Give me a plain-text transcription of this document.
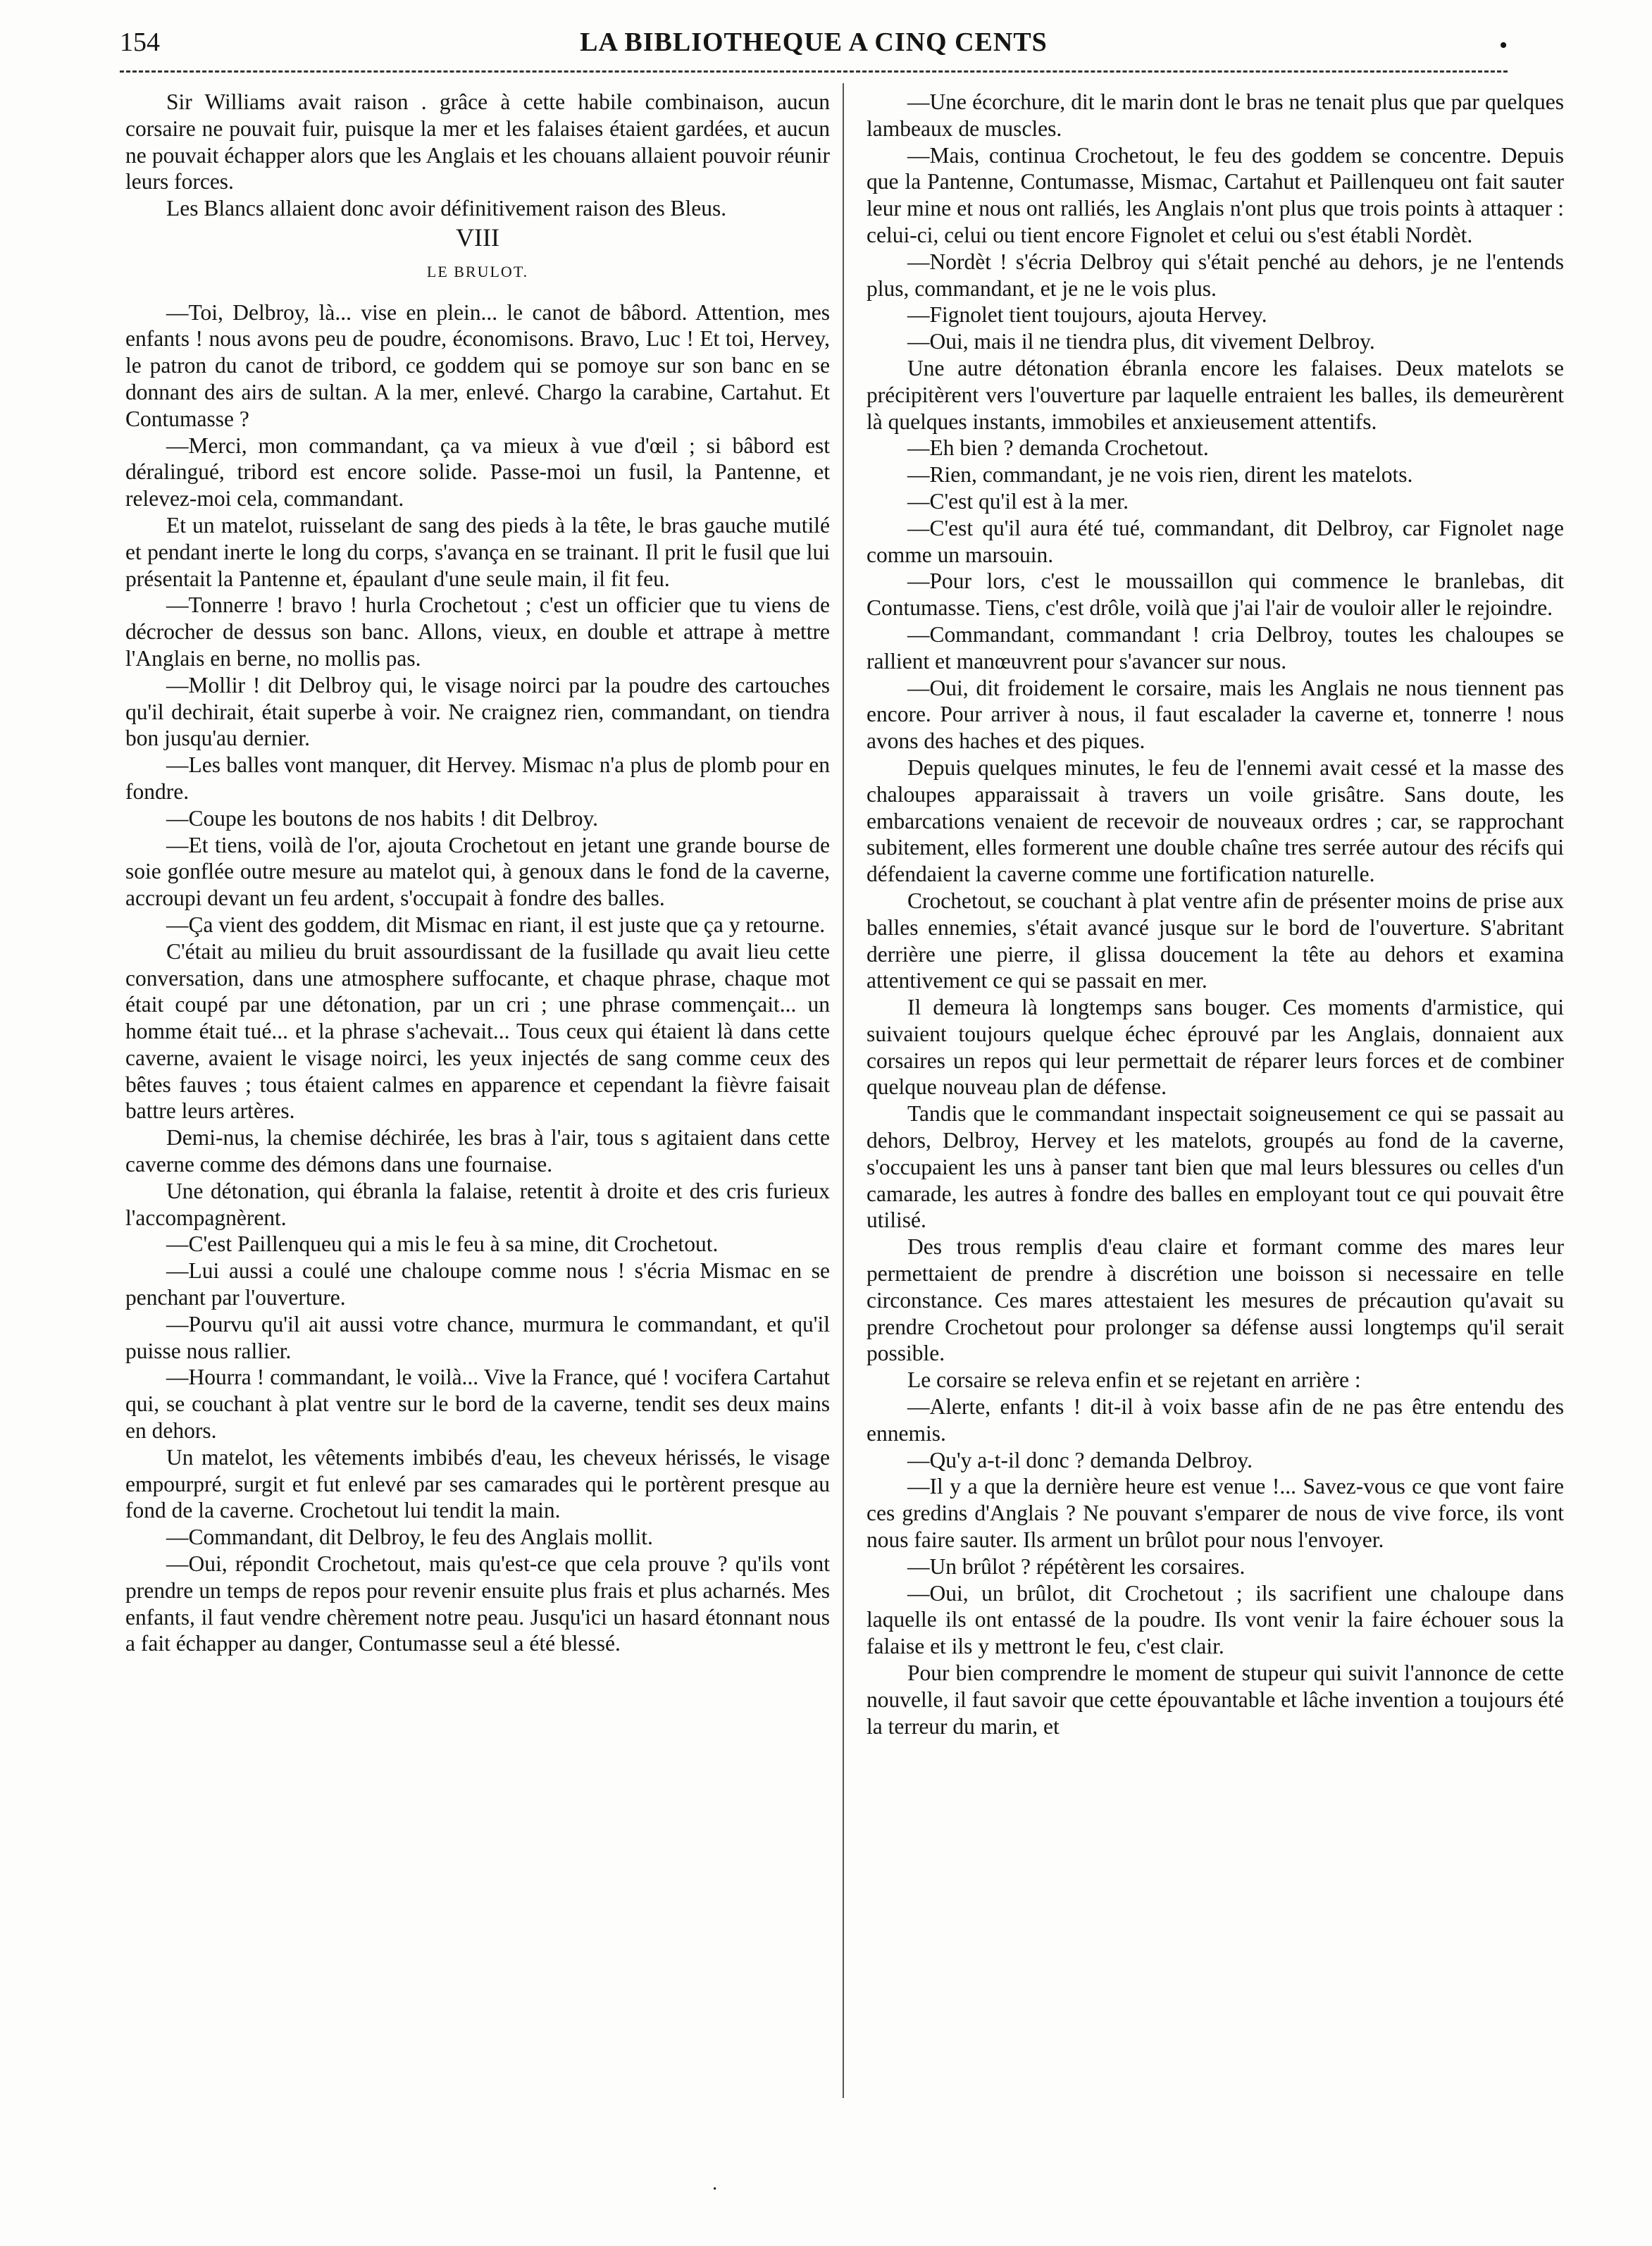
154	LA BIBLIOTHEQUE A CINQ CENTS	•

Sir Williams avait raison . grâce à cette habile combinaison, aucun corsaire ne pouvait fuir, puisque la mer et les falaises étaient gardées, et aucun ne pouvait échapper alors que les Anglais et les chouans allaient pouvoir réunir leurs forces.

Les Blancs allaient donc avoir définitivement raison des Bleus.

VIII

LE BRULOT.

—Toi, Delbroy, là... vise en plein... le canot de bâbord. Attention, mes enfants ! nous avons peu de poudre, économisons. Bravo, Luc ! Et toi, Hervey, le patron du canot de tribord, ce goddem qui se pomoye sur son banc en se donnant des airs de sultan. A la mer, enlevé. Chargo la carabine, Cartahut. Et Contumasse ?

—Merci, mon commandant, ça va mieux à vue d'œil ; si bâbord est déralingué, tribord est encore solide. Passe-moi un fusil, la Pantenne, et relevez-moi cela, commandant.

Et un matelot, ruisselant de sang des pieds à la tête, le bras gauche mutilé et pendant inerte le long du corps, s'avança en se trainant. Il prit le fusil que lui présentait la Pantenne et, épaulant d'une seule main, il fit feu.

—Tonnerre ! bravo ! hurla Crochetout ; c'est un officier que tu viens de décrocher de dessus son banc. Allons, vieux, en double et attrape à mettre l'Anglais en berne, no mollis pas.

—Mollir ! dit Delbroy qui, le visage noirci par la poudre des cartouches qu'il dechirait, était superbe à voir. Ne craignez rien, commandant, on tiendra bon jusqu'au dernier.

—Les balles vont manquer, dit Hervey. Mismac n'a plus de plomb pour en fondre.

—Coupe les boutons de nos habits ! dit Delbroy.

—Et tiens, voilà de l'or, ajouta Crochetout en jetant une grande bourse de soie gonflée outre mesure au matelot qui, à genoux dans le fond de la caverne, accroupi devant un feu ardent, s'occupait à fondre des balles.

—Ça vient des goddem, dit Mismac en riant, il est juste que ça y retourne.

C'était au milieu du bruit assourdissant de la fusillade qu avait lieu cette conversation, dans une atmosphere suffocante, et chaque phrase, chaque mot était coupé par une détonation, par un cri ; une phrase commençait... un homme était tué... et la phrase s'achevait... Tous ceux qui étaient là dans cette caverne, avaient le visage noirci, les yeux injectés de sang comme ceux des bêtes fauves ; tous étaient calmes en apparence et cependant la fièvre faisait battre leurs artères.

Demi-nus, la chemise déchirée, les bras à l'air, tous s agitaient dans cette caverne comme des démons dans une fournaise.

Une détonation, qui ébranla la falaise, retentit à droite et des cris furieux l'accompagnèrent.

—C'est Paillenqueu qui a mis le feu à sa mine, dit Crochetout.

—Lui aussi a coulé une chaloupe comme nous ! s'écria Mismac en se penchant par l'ouverture.

—Pourvu qu'il ait aussi votre chance, murmura le commandant, et qu'il puisse nous rallier.

—Hourra ! commandant, le voilà... Vive la France, qué ! vocifera Cartahut qui, se couchant à plat ventre sur le bord de la caverne, tendit ses deux mains en dehors.

Un matelot, les vêtements imbibés d'eau, les cheveux hérissés, le visage empourpré, surgit et fut enlevé par ses camarades qui le portèrent presque au fond de la caverne. Crochetout lui tendit la main.

—Commandant, dit Delbroy, le feu des Anglais mollit.

—Oui, répondit Crochetout, mais qu'est-ce que cela prouve ? qu'ils vont prendre un temps de repos pour revenir ensuite plus frais et plus acharnés. Mes enfants, il faut vendre chèrement notre peau. Jusqu'ici un hasard étonnant nous a fait échapper au danger, Contumasse seul a été blessé.

—Une écorchure, dit le marin dont le bras ne tenait plus que par quelques lambeaux de muscles.

—Mais, continua Crochetout, le feu des goddem se concentre. Depuis que la Pantenne, Contumasse, Mismac, Cartahut et Paillenqueu ont fait sauter leur mine et nous ont ralliés, les Anglais n'ont plus que trois points à attaquer : celui-ci, celui ou tient encore Fignolet et celui ou s'est établi Nordèt.

—Nordèt ! s'écria Delbroy qui s'était penché au dehors, je ne l'entends plus, commandant, et je ne le vois plus.

—Fignolet tient toujours, ajouta Hervey.

—Oui, mais il ne tiendra plus, dit vivement Delbroy.

Une autre détonation ébranla encore les falaises. Deux matelots se précipitèrent vers l'ouverture par laquelle entraient les balles, ils demeurèrent là quelques instants, immobiles et anxieusement attentifs.

—Eh bien ? demanda Crochetout.

—Rien, commandant, je ne vois rien, dirent les matelots.

—C'est qu'il est à la mer.

—C'est qu'il aura été tué, commandant, dit Delbroy, car Fignolet nage comme un marsouin.

—Pour lors, c'est le moussaillon qui commence le branlebas, dit Contumasse. Tiens, c'est drôle, voilà que j'ai l'air de vouloir aller le rejoindre.

—Commandant, commandant ! cria Delbroy, toutes les chaloupes se rallient et manœuvrent pour s'avancer sur nous.

—Oui, dit froidement le corsaire, mais les Anglais ne nous tiennent pas encore. Pour arriver à nous, il faut escalader la caverne et, tonnerre ! nous avons des haches et des piques.

Depuis quelques minutes, le feu de l'ennemi avait cessé et la masse des chaloupes apparaissait à travers un voile grisâtre. Sans doute, les embarcations venaient de recevoir de nouveaux ordres ; car, se rapprochant subitement, elles formerent une double chaîne tres serrée autour des récifs qui défendaient la caverne comme une fortification naturelle.

Crochetout, se couchant à plat ventre afin de présenter moins de prise aux balles ennemies, s'était avancé jusque sur le bord de l'ouverture. S'abritant derrière une pierre, il glissa doucement la tête au dehors et examina attentivement ce qui se passait en mer.

Il demeura là longtemps sans bouger. Ces moments d'armistice, qui suivaient toujours quelque échec éprouvé par les Anglais, donnaient aux corsaires un repos qui leur permettait de réparer leurs forces et de combiner quelque nouveau plan de défense.

Tandis que le commandant inspectait soigneusement ce qui se passait au dehors, Delbroy, Hervey et les matelots, groupés au fond de la caverne, s'occupaient les uns à panser tant bien que mal leurs blessures ou celles d'un camarade, les autres à fondre des balles en employant tout ce qui pouvait être utilisé.

Des trous remplis d'eau claire et formant comme des mares leur permettaient de prendre à discrétion une boisson si necessaire en telle circonstance. Ces mares attestaient les mesures de précaution qu'avait su prendre Crochetout pour prolonger sa défense aussi longtemps qu'il serait possible.

Le corsaire se releva enfin et se rejetant en arrière :

—Alerte, enfants ! dit-il à voix basse afin de ne pas être entendu des ennemis.

—Qu'y a-t-il donc ? demanda Delbroy.

—Il y a que la dernière heure est venue !... Savez-vous ce que vont faire ces gredins d'Anglais ? Ne pouvant s'emparer de nous de vive force, ils vont nous faire sauter. Ils arment un brûlot pour nous l'envoyer.

—Un brûlot ? répétèrent les corsaires.

—Oui, un brûlot, dit Crochetout ; ils sacrifient une chaloupe dans laquelle ils ont entassé de la poudre. Ils vont venir la faire échouer sous la falaise et ils y mettront le feu, c'est clair.

Pour bien comprendre le moment de stupeur qui suivit l'annonce de cette nouvelle, il faut savoir que cette épouvantable et lâche invention a toujours été la terreur du marin, et

·
